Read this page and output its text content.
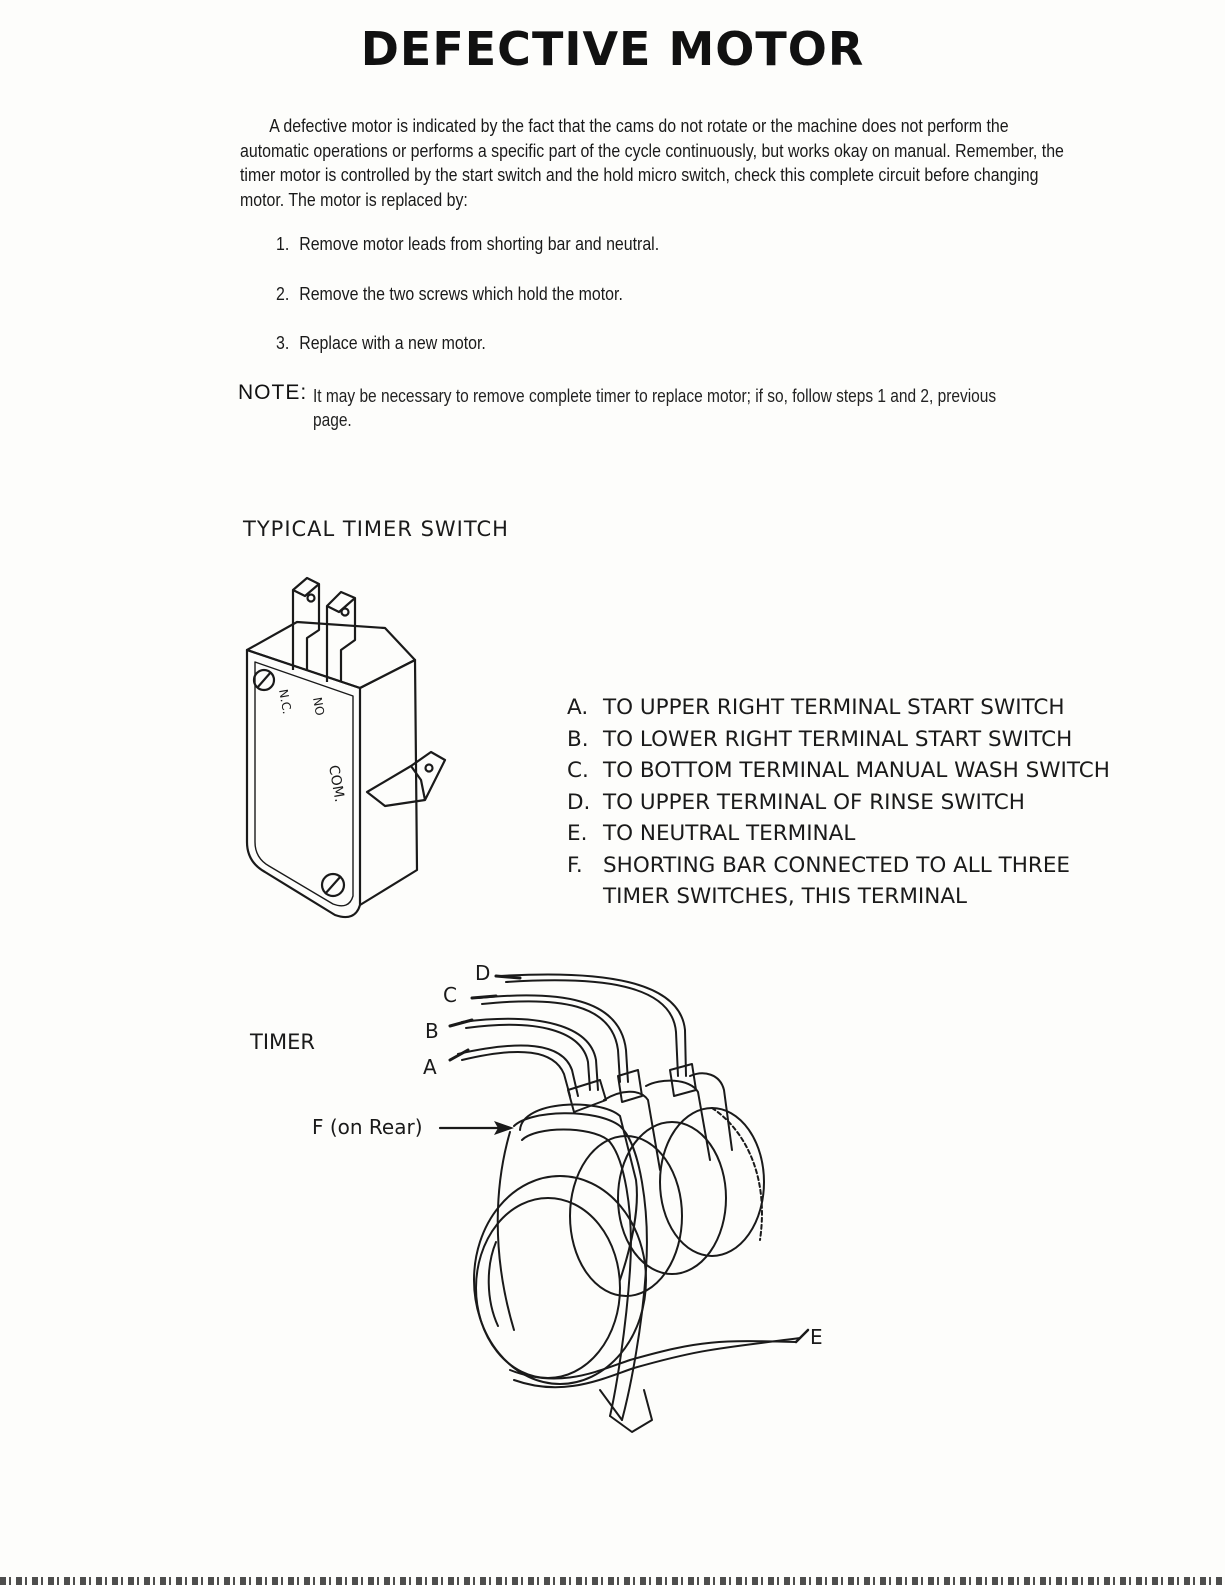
DEFECTIVE MOTOR

A defective motor is indicated by the fact that the cams do not rotate or the machine does not perform the automatic operations or performs a specific part of the cycle continuously, but works okay on manual. Remember, the timer motor is controlled by the start switch and the hold micro switch, check this complete circuit before changing motor. The motor is replaced by:

1. Remove motor leads from shorting bar and neutral.
2. Remove the two screws which hold the motor.
3. Replace with a new motor.
NOTE: It may be necessary to remove complete timer to replace motor; if so, follow steps 1 and 2, previous page.
TYPICAL TIMER SWITCH
N.C. NO
COM.
A. TO UPPER RIGHT TERMINAL START SWITCH
B. TO LOWER RIGHT TERMINAL START SWITCH
C. TO BOTTOM TERMINAL MANUAL WASH SWITCH
D. TO UPPER TERMINAL OF RINSE SWITCH
E. TO NEUTRAL TERMINAL
F. SHORTING BAR CONNECTED TO ALL THREE
TIMER SWITCHES, THIS TERMINAL
TIMER
D
C
B
A
E
F (on Rear)
